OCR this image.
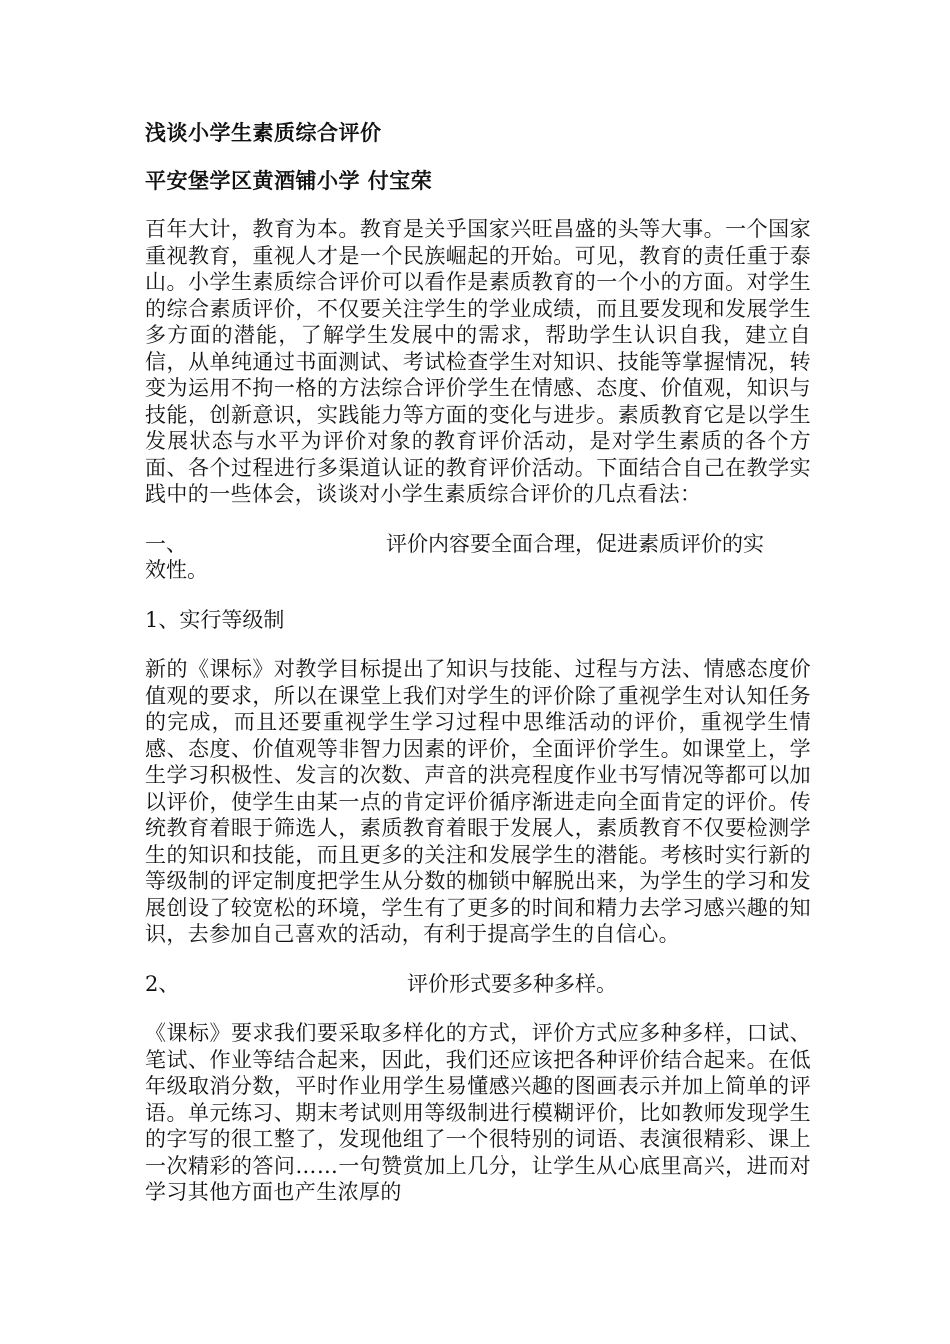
浅谈小学生素质综合评价
平安堡学区黄酒铺小学 付宝荣

百年大计，教育为本。教育是关乎国家兴旺昌盛的头等大事。一个国家重视教育，重视人才是一个民族崛起的开始。可见，教育的责任重于泰山。小学生素质综合评价可以看作是素质教育的一个小的方面。对学生的综合素质评价，不仅要关注学生的学业成绩，而且要发现和发展学生多方面的潜能，了解学生发展中的需求，帮助学生认识自我，建立自信，从单纯通过书面测试、考试检查学生对知识、技能等掌握情况，转变为运用不拘一格的方法综合评价学生在情感、态度、价值观，知识与技能，创新意识，实践能力等方面的变化与进步。素质教育它是以学生发展状态与水平为评价对象的教育评价活动，是对学生素质的各个方面、各个过程进行多渠道认证的教育评价活动。下面结合自己在教学实践中的一些体会，谈谈对小学生素质综合评价的几点看法：

一、	评价内容要全面合理，促进素质评价的实
效性。
1、实行等级制

新的《课标》对教学目标提出了知识与技能、过程与方法、情感态度价值观的要求，所以在课堂上我们对学生的评价除了重视学生对认知任务的完成，而且还要重视学生学习过程中思维活动的评价，重视学生情感、态度、价值观等非智力因素的评价，全面评价学生。如课堂上，学生学习积极性、发言的次数、声音的洪亮程度作业书写情况等都可以加以评价，使学生由某一点的肯定评价循序渐进走向全面肯定的评价。传统教育着眼于筛选人，素质教育着眼于发展人，素质教育不仅要检测学生的知识和技能，而且更多的关注和发展学生的潜能。考核时实行新的等级制的评定制度把学生从分数的枷锁中解脱出来，为学生的学习和发展创设了较宽松的环境，学生有了更多的时间和精力去学习感兴趣的知识，去参加自己喜欢的活动，有利于提高学生的自信心。

2、	评价形式要多种多样。

《课标》要求我们要采取多样化的方式，评价方式应多种多样，口试、笔试、作业等结合起来，因此，我们还应该把各种评价结合起来。在低年级取消分数，平时作业用学生易懂感兴趣的图画表示并加上简单的评语。单元练习、期末考试则用等级制进行模糊评价，比如教师发现学生的字写的很工整了，发现他组了一个很特别的词语、表演很精彩、课上一次精彩的答问……一句赞赏加上几分，让学生从心底里高兴，进而对学习其他方面也产生浓厚的
